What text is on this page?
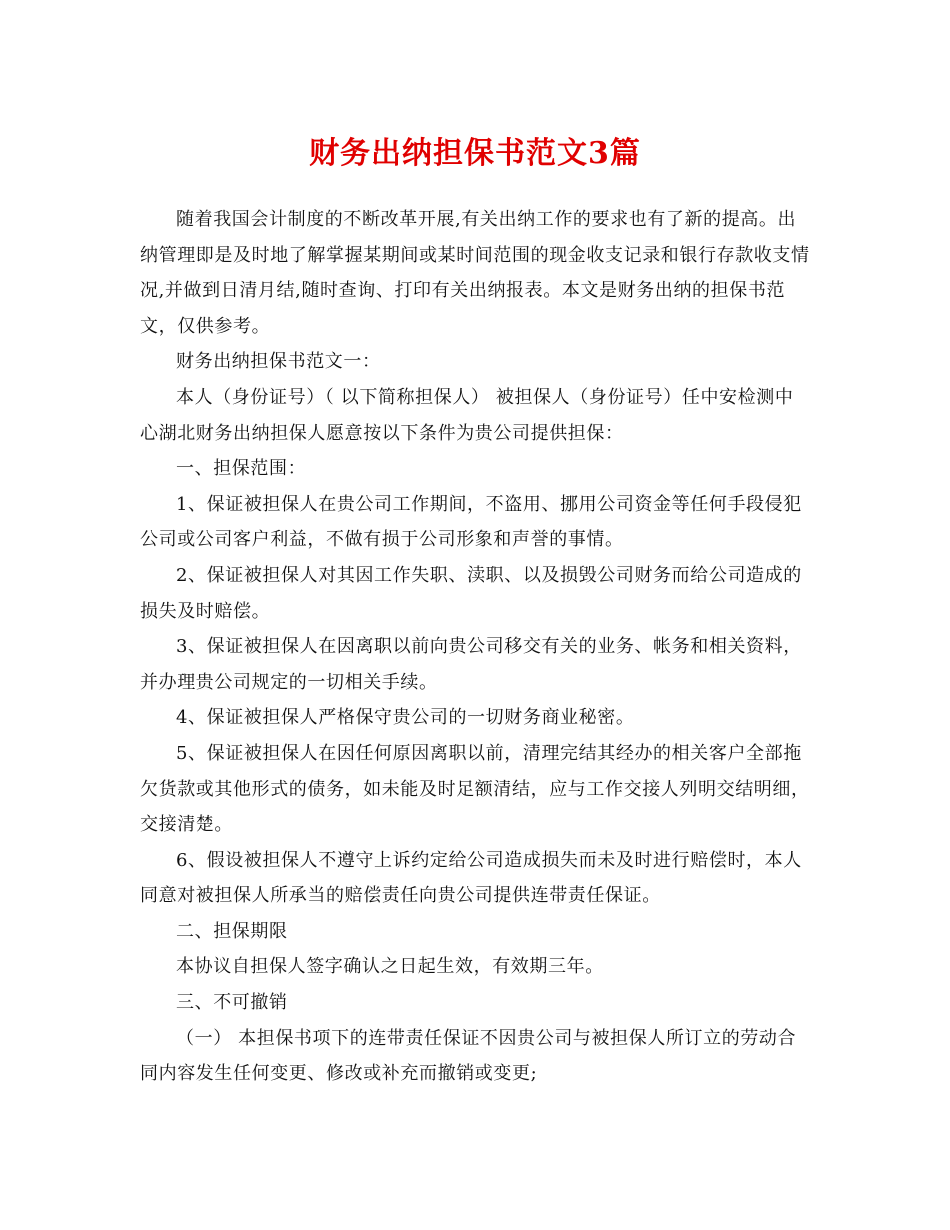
财务出纳担保书范文3篇

随着我国会计制度的不断改革开展,有关出纳工作的要求也有了新的提高。出纳管理即是及时地了解掌握某期间或某时间范围的现金收支记录和银行存款收支情况,并做到日清月结,随时查询、打印有关出纳报表。本文是财务出纳的担保书范文，仅供参考。

财务出纳担保书范文一：

本人（身份证号）（ 以下简称担保人） 被担保人（身份证号）任中安检测中心湖北财务出纳担保人愿意按以下条件为贵公司提供担保：

一、担保范围：

1、保证被担保人在贵公司工作期间，不盗用、挪用公司资金等任何手段侵犯公司或公司客户利益，不做有损于公司形象和声誉的事情。

2、保证被担保人对其因工作失职、渎职、以及损毁公司财务而给公司造成的损失及时赔偿。

3、保证被担保人在因离职以前向贵公司移交有关的业务、帐务和相关资料，并办理贵公司规定的一切相关手续。

4、保证被担保人严格保守贵公司的一切财务商业秘密。

5、保证被担保人在因任何原因离职以前，清理完结其经办的相关客户全部拖欠货款或其他形式的债务，如未能及时足额清结，应与工作交接人列明交结明细，交接清楚。

6、假设被担保人不遵守上诉约定给公司造成损失而未及时进行赔偿时，本人同意对被担保人所承当的赔偿责任向贵公司提供连带责任保证。

二、担保期限

本协议自担保人签字确认之日起生效，有效期三年。

三、不可撤销

（一） 本担保书项下的连带责任保证不因贵公司与被担保人所订立的劳动合同内容发生任何变更、修改或补充而撤销或变更;
